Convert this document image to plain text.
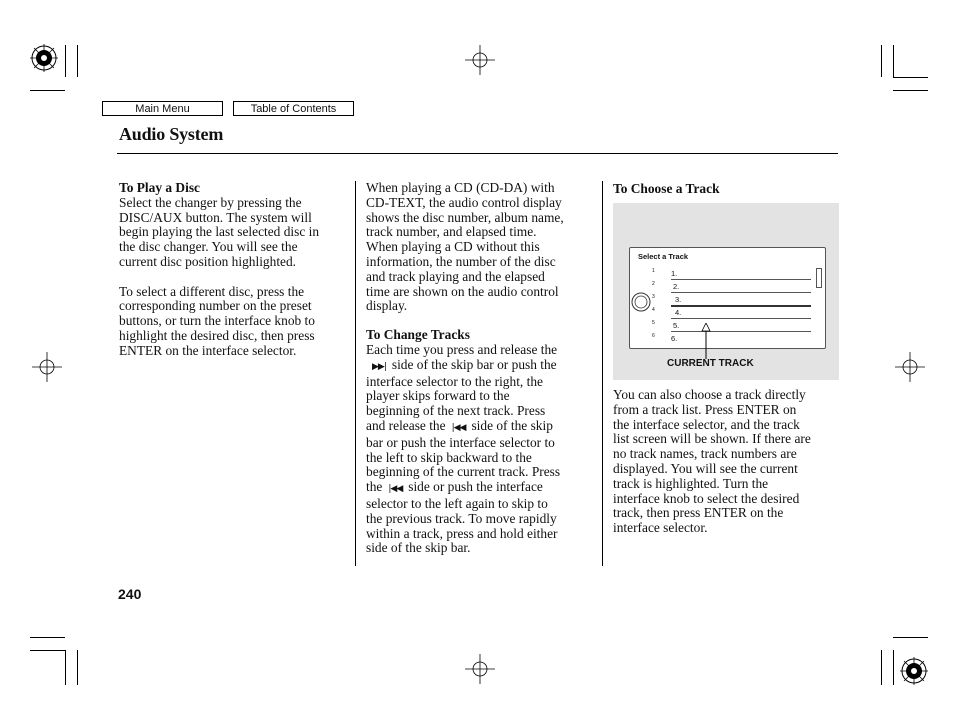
Main Menu	Table of Contents
Audio System
To Play a Disc

Select the changer by pressing the

DISC/AUX button. The system will

begin playing the last selected disc in

the disc changer. You will see the

current disc position highlighted.

To select a different disc, press the

corresponding number on the preset

buttons, or turn the interface knob to

highlight the desired disc, then press

ENTER on the interface selector.

When playing a CD (CD-DA) with

CD-TEXT, the audio control display

shows the disc number, album name,

track number, and elapsed time.

When playing a CD without this

information, the number of the disc

and track playing and the elapsed

time are shown on the audio control

display.

To Change Tracks

Each time you press and release the

▶▶| side of the skip bar or push the

interface selector to the right, the

player skips forward to the

beginning of the next track. Press

and release the |◀◀ side of the skip

bar or push the interface selector to

the left to skip backward to the

beginning of the current track. Press

the |◀◀ side or push the interface

selector to the left again to skip to

the previous track. To move rapidly

within a track, press and hold either

side of the skip bar.

To Choose a Track
Select a Track
1
2
3
4
5
6
1.
2.
3.
4.
5.
6.
CURRENT TRACK

You can also choose a track directly

from a track list. Press ENTER on

the interface selector, and the track

list screen will be shown. If there are

no track names, track numbers are

displayed. You will see the current

track is highlighted. Turn the

interface knob to select the desired

track, then press ENTER on the

interface selector.

240
